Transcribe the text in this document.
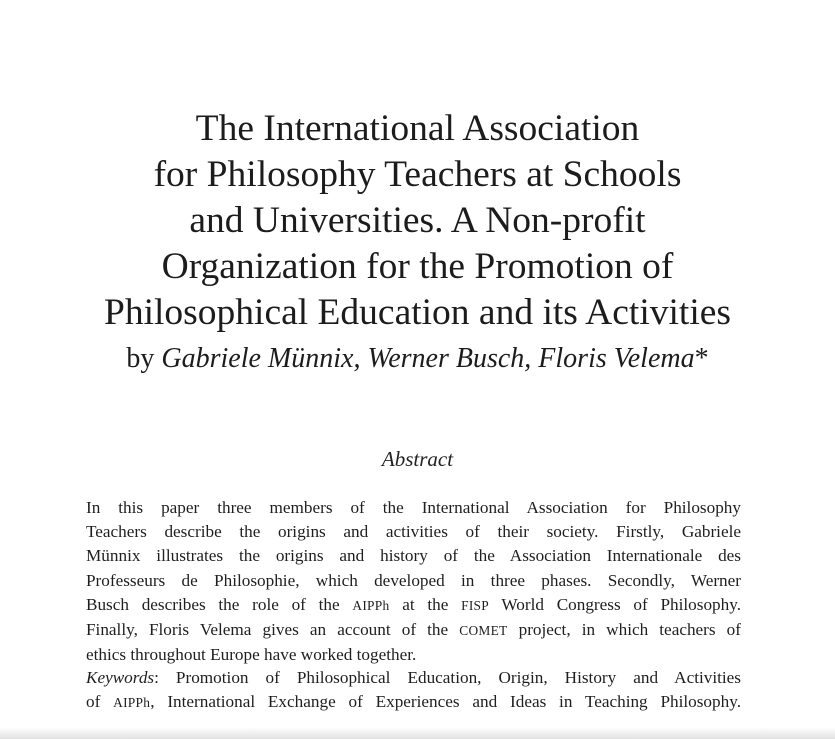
The International Association
for Philosophy Teachers at Schools
and Universities. A Non-profit
Organization for the Promotion of
Philosophical Education and its Activities
by Gabriele Münnix, Werner Busch, Floris Velema*
Abstract

In this paper three members of the International Association for Philosophy
Teachers describe the origins and activities of their society. Firstly, Gabriele
Münnix illustrates the origins and history of the Association Internationale des
Professeurs de Philosophie, which developed in three phases. Secondly, Werner
Busch describes the role of the AIPPh at the FISP World Congress of Philosophy.
Finally, Floris Velema gives an account of the COMET project, in which teachers of
ethics throughout Europe have worked together.

Keywords: Promotion of Philosophical Education, Origin, History and Activities
of AIPPh, International Exchange of Experiences and Ideas in Teaching Philosophy.
